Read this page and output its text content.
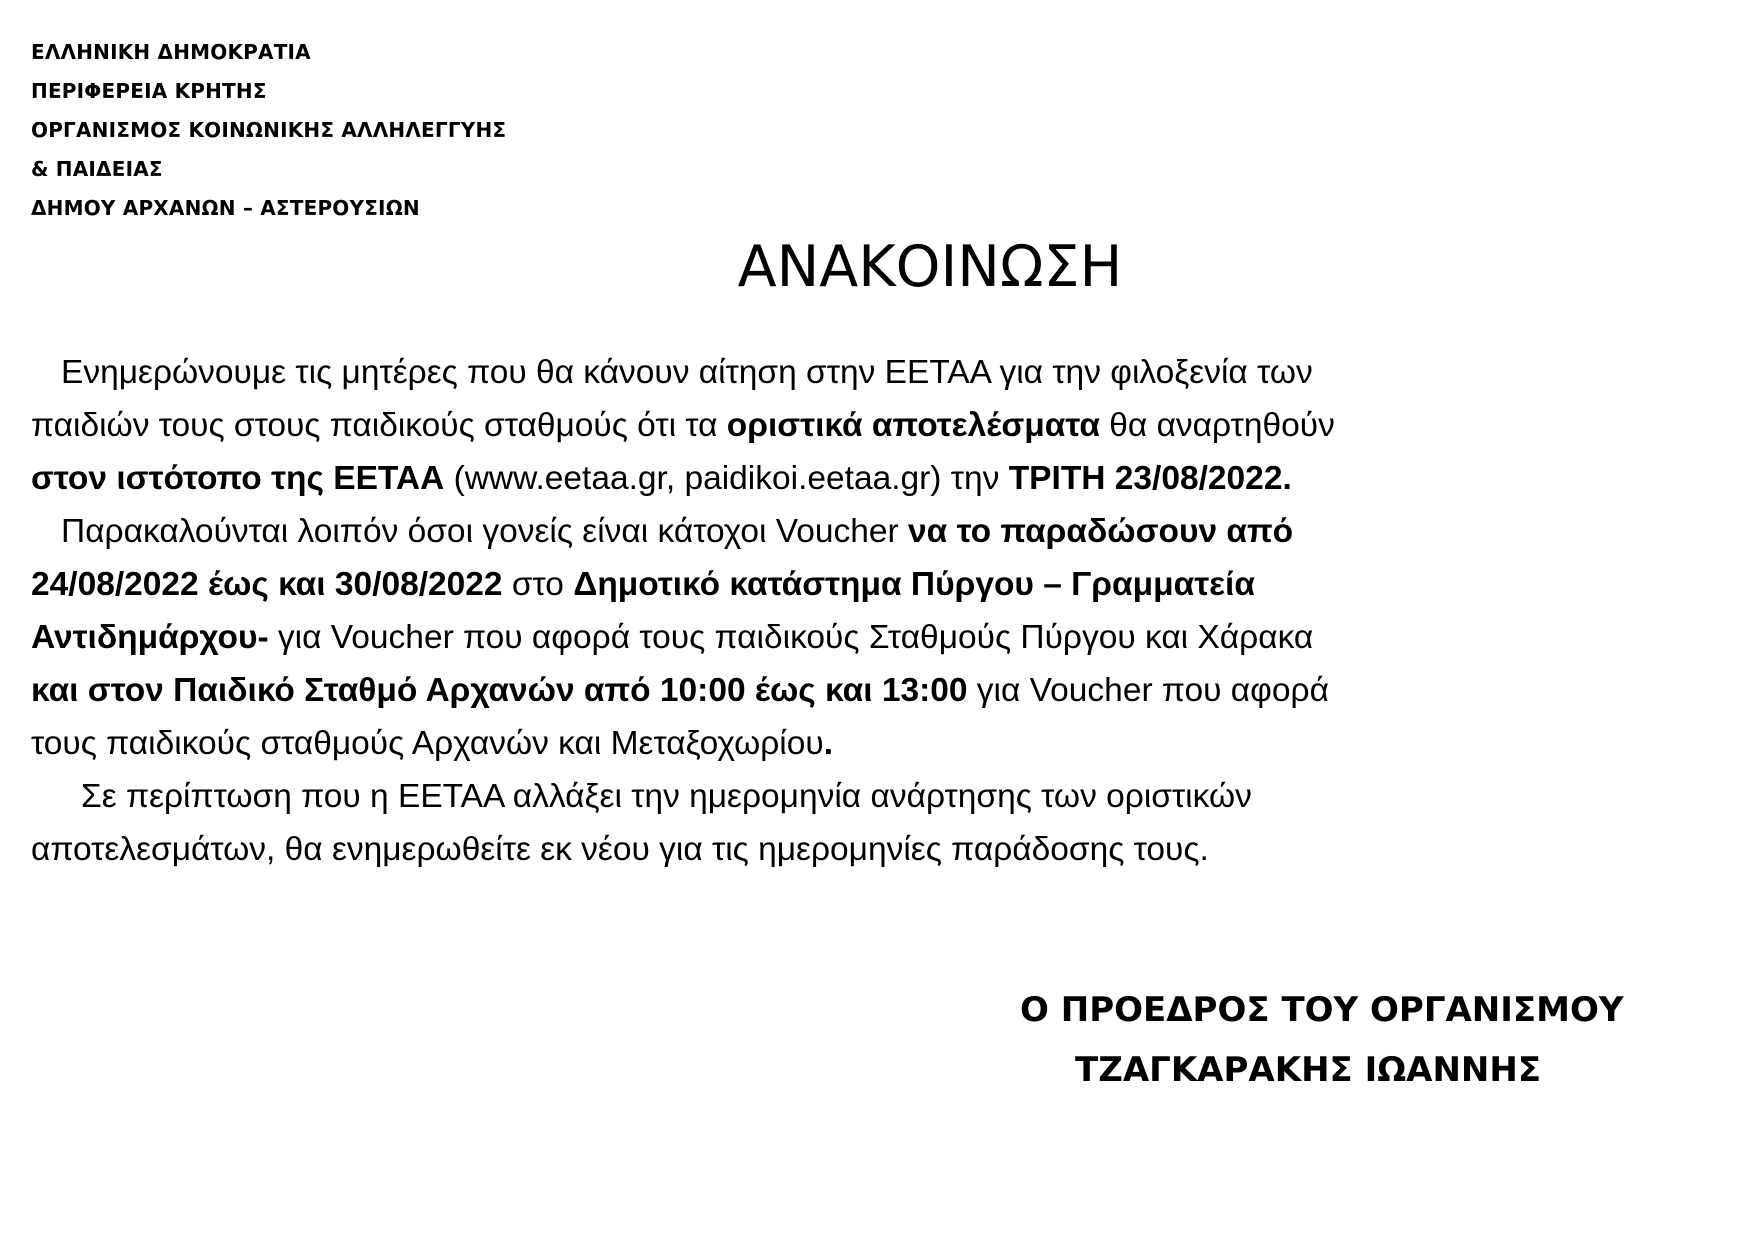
ΕΛΛΗΝΙΚΗ ΔΗΜΟΚΡΑΤΙΑ
ΠΕΡΙΦΕΡΕΙΑ ΚΡΗΤΗΣ
ΟΡΓΑΝΙΣΜΟΣ ΚΟΙΝΩΝΙΚΗΣ ΑΛΛΗΛΕΓΓΥΗΣ
& ΠΑΙΔΕΙΑΣ
ΔΗΜΟΥ ΑΡΧΑΝΩΝ – ΑΣΤΕΡΟΥΣΙΩΝ
ΑΝΑΚΟΙΝΩΣΗ
Ενημερώνουμε τις μητέρες που θα κάνουν αίτηση στην ΕΕΤΑΑ για την φιλοξενία των
παιδιών τους στους παιδικούς σταθμούς ότι τα οριστικά αποτελέσματα θα αναρτηθούν
στον ιστότοπο της ΕΕΤΑΑ (www.eetaa.gr, paidikoi.eetaa.gr) την ΤΡΙΤΗ 23/08/2022.
Παρακαλούνται λοιπόν όσοι γονείς είναι κάτοχοι Voucher να το παραδώσουν από
24/08/2022 έως και 30/08/2022 στο Δημοτικό κατάστημα Πύργου – Γραμματεία
Αντιδημάρχου- για Voucher που αφορά τους παιδικούς Σταθμούς Πύργου και Χάρακα
και στον Παιδικό Σταθμό Αρχανών από 10:00 έως και 13:00 για Voucher που αφορά
τους παιδικούς σταθμούς Αρχανών και Μεταξοχωρίου.
Σε περίπτωση που η ΕΕΤΑΑ αλλάξει την ημερομηνία ανάρτησης των οριστικών
αποτελεσμάτων, θα ενημερωθείτε εκ νέου για τις ημερομηνίες παράδοσης τους.
Ο ΠΡΟΕΔΡΟΣ ΤΟΥ ΟΡΓΑΝΙΣΜΟΥ
ΤΖΑΓΚΑΡΑΚΗΣ ΙΩΑΝΝΗΣ
